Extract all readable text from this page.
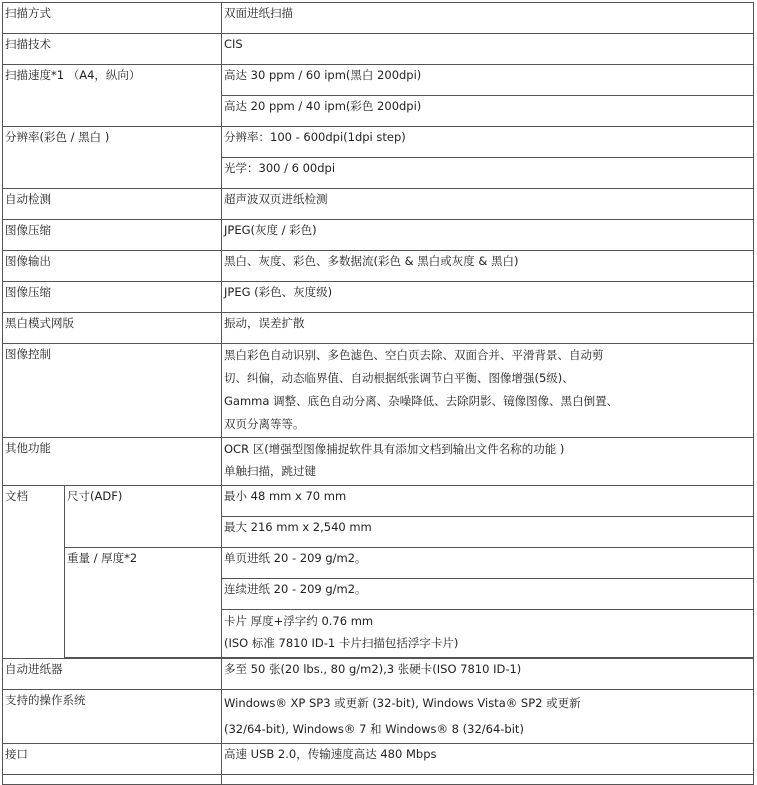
扫描方式		双面进纸扫描
扫描技术		CIS
扫描速度*1 （A4，纵向）		高达 30 ppm / 60 ipm(黑白 200dpi)
		高达 20 ppm / 40 ipm(彩色 200dpi)
分辨率(彩色 / 黑白 )		分辨率：100 - 600dpi(1dpi step)
		光学：300 / 6 00dpi
自动检测		超声波双页进纸检测
图像压缩		JPEG(灰度 / 彩色)
图像输出		黑白、灰度、彩色、多数据流(彩色 & 黑白或灰度 & 黑白)
图像压缩		JPEG (彩色、灰度级)
黑白模式网版		振动，误差扩散
图像控制		黑白彩色自动识别、多色滤色、空白页去除、双面合并、平滑背景、自动剪
切、纠偏，动态临界值、自动根据纸张调节白平衡、图像增强(5级)、
Gamma 调整、底色自动分离、杂噪降低、去除阴影、镜像图像、黑白倒置、
双页分离等等。

其他功能		OCR 区(增强型图像捕捉软件具有添加文档到输出文件名称的功能 )
单触扫描，跳过键

文档	尺寸(ADF)	最小 48 mm x 70 mm
		最大 216 mm x 2,540 mm
	重量 / 厚度*2	单页进纸 20 - 209 g/m2。
		连续进纸 20 - 209 g/m2。

		卡片 厚度+浮字约 0.76 mm
(ISO 标准 7810 ID-1 卡片扫描包括浮字卡片)

自动进纸器		多至 50 张(20 lbs., 80 g/m2),3 张硬卡(ISO 7810 ID-1)
支持的操作系统		Windows® XP SP3 或更新 (32-bit), Windows Vista® SP2 或更新
(32/64-bit), Windows® 7 和 Windows® 8 (32/64-bit)

接口		高速 USB 2.0，传输速度高达 480 Mbps
